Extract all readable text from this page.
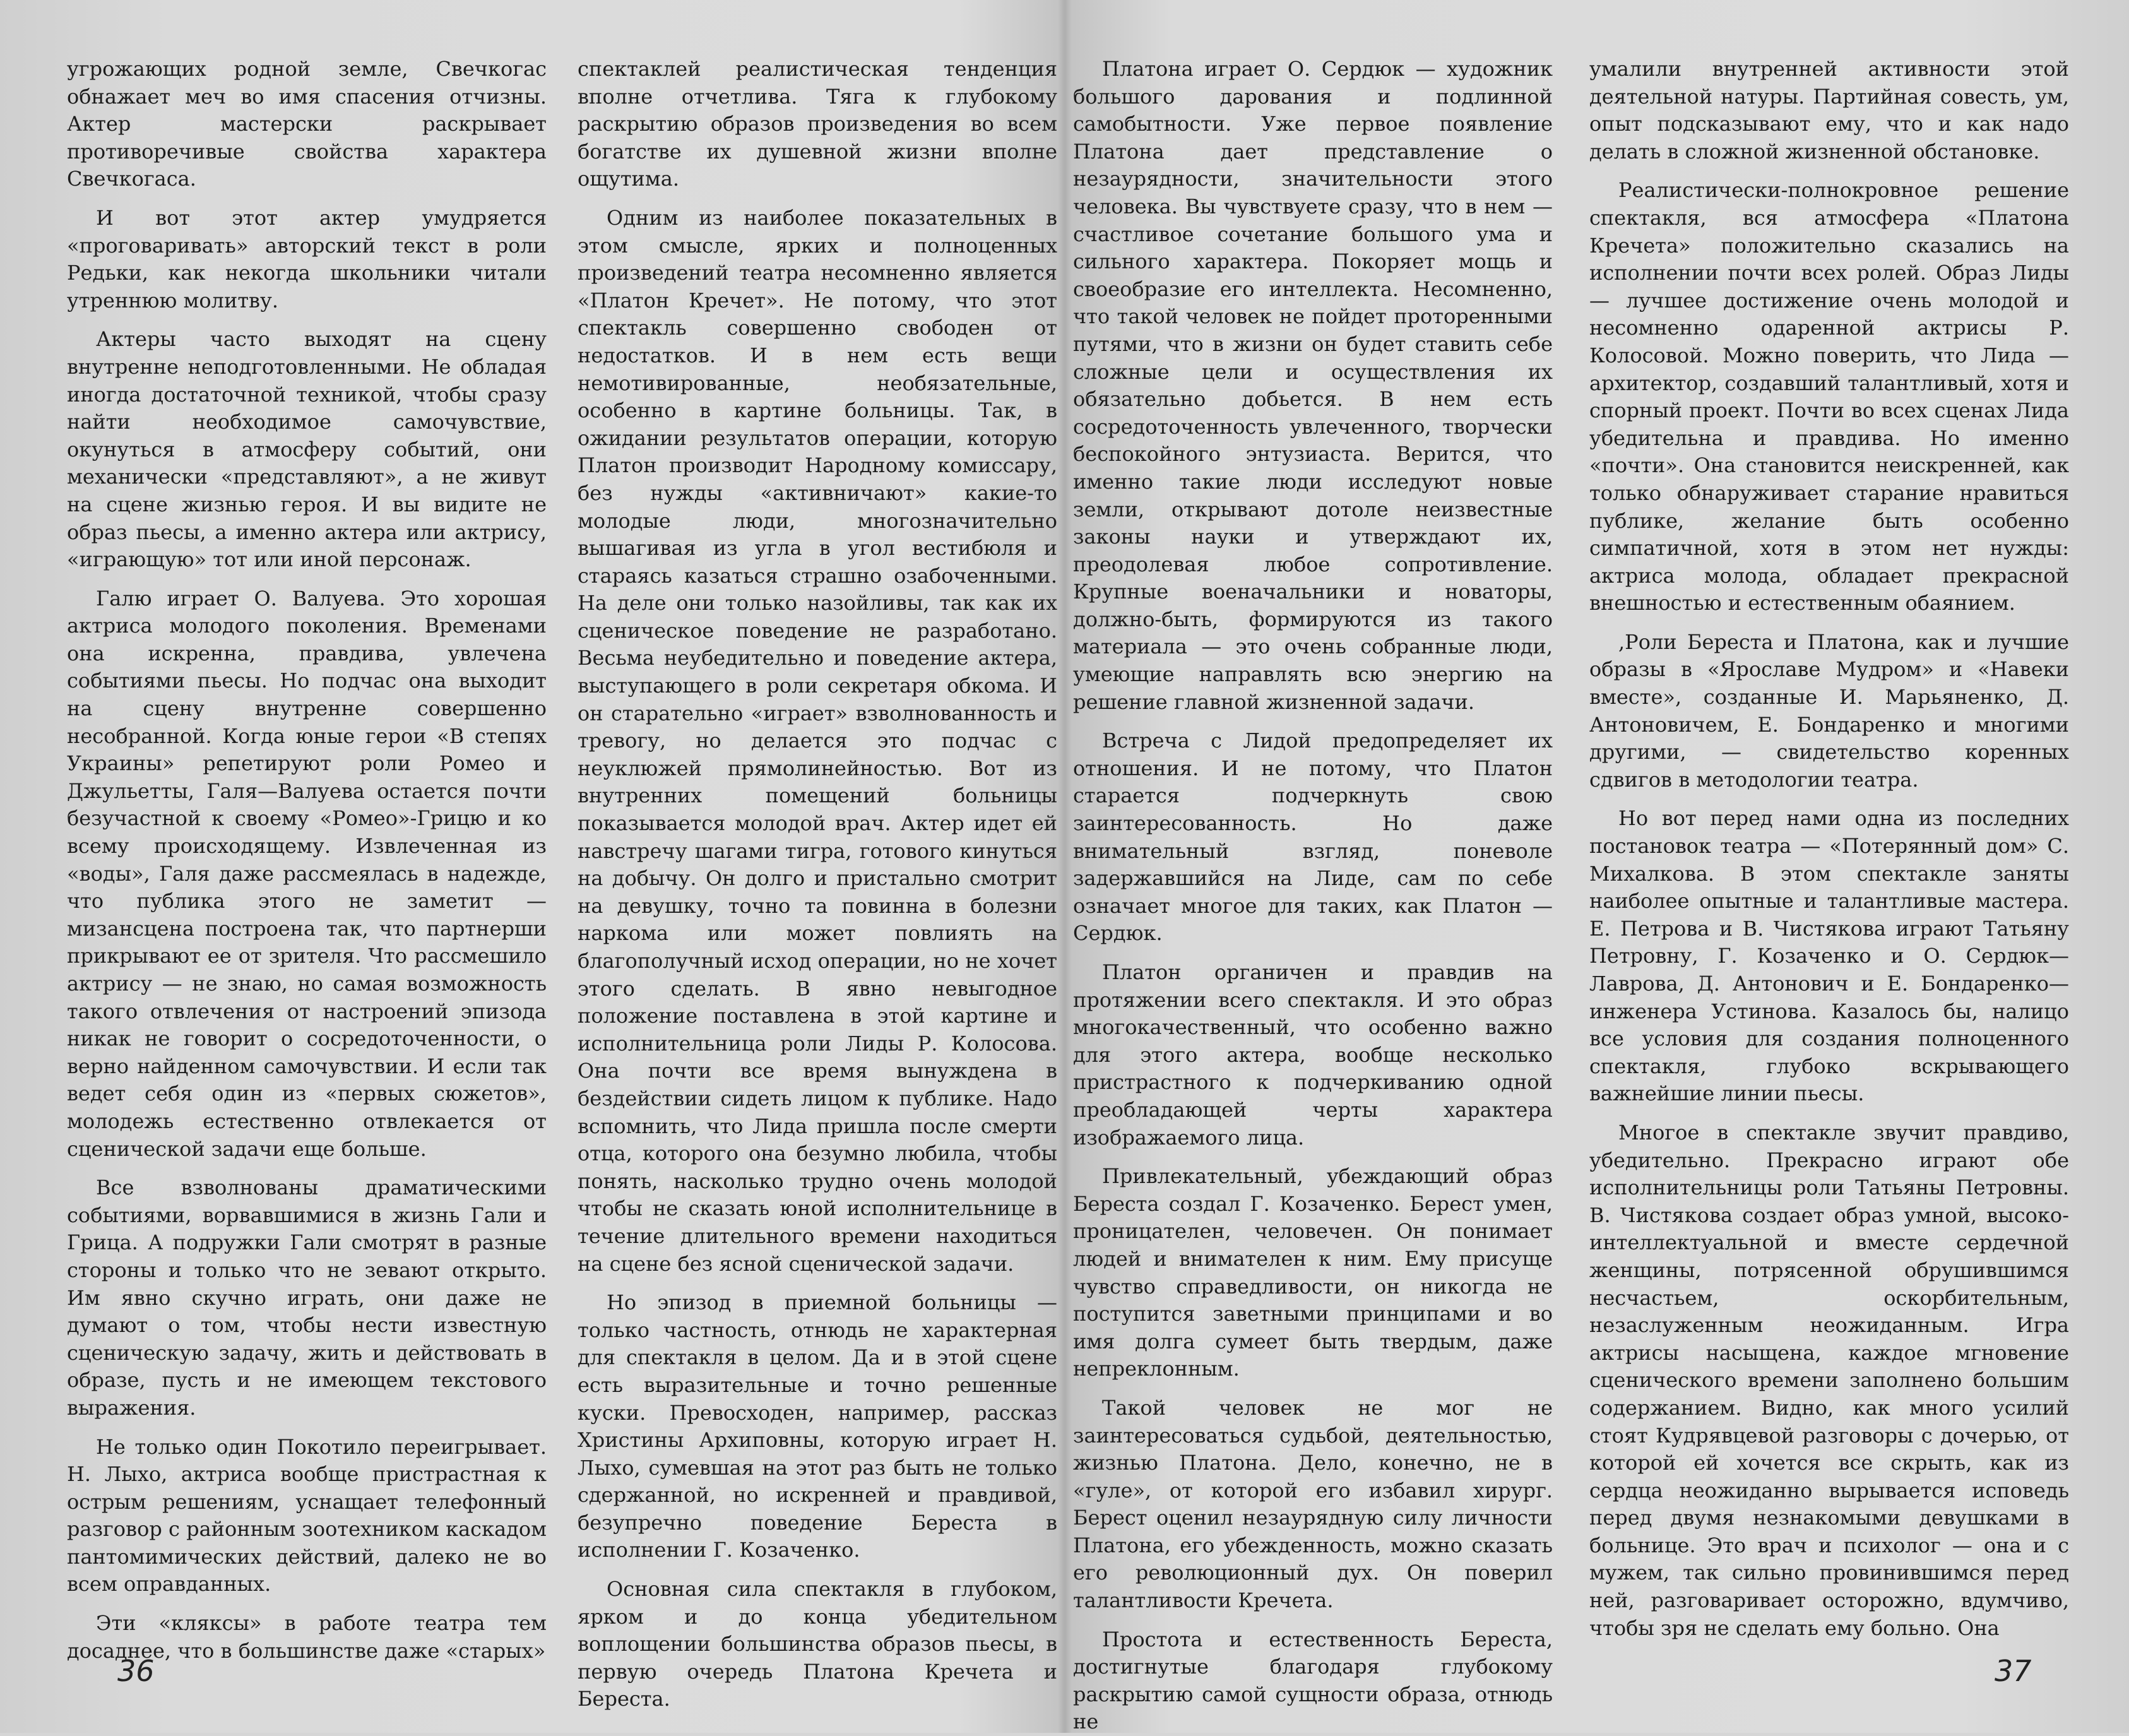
угрожающих родной земле, Свечкогас обнажает меч во имя спасения отчизны. Актер мастерски раскрывает противоречивые свойства характера Свечкогаса.

И вот этот актер умудряется «проговаривать» авторский текст в роли Редьки, как некогда школьники читали утреннюю молитву.

Актеры часто выходят на сцену внутренне неподготовленными. Не обладая иногда достаточной техникой, чтобы сразу найти необходимое самочувствие, окунуться в атмосферу событий, они механически «представляют», а не живут на сцене жизнью героя. И вы видите не образ пьесы, а именно актера или актрису, «играющую» тот или иной персонаж.

Галю играет О. Валуева. Это хорошая актриса молодого поколения. Временами она искренна, правдива, увлечена событиями пьесы. Но подчас она выходит на сцену внутренне совершенно несобранной. Когда юные герои «В степях Украины» репетируют роли Ромео и Джульетты, Галя—Валуева остается почти безучастной к своему «Ромео»-Грицю и ко всему происходящему. Извлеченная из «воды», Галя даже рассмеялась в надежде, что публика этого не заметит — мизансцена построена так, что партнерши прикрывают ее от зрителя. Что рассмешило актрису — не знаю, но самая возможность такого отвлечения от настроений эпизода никак не говорит о сосредоточенности, о верно найденном самочувствии. И если так ведет себя один из «первых сюжетов», молодежь естественно отвлекается от сценической задачи еще больше.

Все взволнованы драматическими событиями, ворвавшимися в жизнь Гали и Грица. А подружки Гали смотрят в разные стороны и только что не зевают открыто. Им явно скучно играть, они даже не думают о том, чтобы нести известную сценическую задачу, жить и действовать в образе, пусть и не имеющем текстового выражения.

Не только один Покотило переигрывает. Н. Лыхо, актриса вообще пристрастная к острым решениям, уснащает телефонный разговор с районным зоотехником каскадом пантомимических действий, далеко не во всем оправданных.

Эти «кляксы» в работе театра тем досаднее, что в большинстве даже «старых»

спектаклей реалистическая тенденция вполне отчетлива. Тяга к глубокому раскрытию образов произведения во всем богатстве их душевной жизни вполне ощутима.

Одним из наиболее показательных в этом смысле, ярких и полноценных произведений театра несомненно является «Платон Кречет». Не потому, что этот спектакль совершенно свободен от недостатков. И в нем есть вещи немотивированные, необязательные, особенно в картине больницы. Так, в ожидании результатов операции, которую Платон производит Народному комиссару, без нужды «активничают» какие-то молодые люди, многозначительно вышагивая из угла в угол вестибюля и стараясь казаться страшно озабоченными. На деле они только назойливы, так как их сценическое поведение не разработано. Весьма неубедительно и поведение актера, выступающего в роли секретаря обкома. И он старательно «играет» взволнованность и тревогу, но делается это подчас с неуклюжей прямолинейностью. Вот из внутренних помещений больницы показывается молодой врач. Актер идет ей навстречу шагами тигра, готового кинуться на добычу. Он долго и пристально смотрит на девушку, точно та повинна в болезни наркома или может повлиять на благополучный исход операции, но не хочет этого сделать. В явно невыгодное положение поставлена в этой картине и исполнительница роли Лиды Р. Колосова. Она почти все время вынуждена в бездействии сидеть лицом к публике. Надо вспомнить, что Лида пришла после смерти отца, которого она безумно любила, чтобы понять, насколько трудно очень молодой чтобы не сказать юной исполнительнице в течение длительного времени находиться на сцене без ясной сценической задачи.

Но эпизод в приемной больницы — только частность, отнюдь не характерная для спектакля в целом. Да и в этой сцене есть выразительные и точно решенные куски. Превосходен, например, рассказ Христины Архиповны, которую играет Н. Лыхо, сумевшая на этот раз быть не только сдержанной, но искренней и правдивой, безупречно поведение Береста в исполнении Г. Козаченко.

Основная сила спектакля в глубоком, ярком и до конца убедительном воплощении большинства образов пьесы, в первую очередь Платона Кречета и Береста.

Платона играет О. Сердюк — художник большого дарования и подлинной самобытности. Уже первое появление Платона дает представление о незаурядности, значительности этого человека. Вы чувствуете сразу, что в нем — счастливое сочетание большого ума и сильного характера. Покоряет мощь и своеобразие его интеллекта. Несомненно, что такой человек не пойдет проторенными путями, что в жизни он будет ставить себе сложные цели и осуществления их обязательно добьется. В нем есть сосредоточенность увлеченного, творчески беспокойного энтузиаста. Верится, что именно такие люди исследуют новые земли, открывают дотоле неизвестные законы науки и утверждают их, преодолевая любое сопротивление. Крупные военачальники и новаторы, должно-быть, формируются из такого материала — это очень собранные люди, умеющие направлять всю энергию на решение главной жизненной задачи.

Встреча с Лидой предопределяет их отношения. И не потому, что Платон старается подчеркнуть свою заинтересованность. Но даже внимательный взгляд, поневоле задержавшийся на Лиде, сам по себе означает многое для таких, как Платон — Сердюк.

Платон органичен и правдив на протяжении всего спектакля. И это образ многокачественный, что особенно важно для этого актера, вообще несколько пристрастного к подчеркиванию одной преобладающей черты характера изображаемого лица.

Привлекательный, убеждающий образ Береста создал Г. Козаченко. Берест умен, проницателен, человечен. Он понимает людей и внимателен к ним. Ему присуще чувство справедливости, он никогда не поступится заветными принципами и во имя долга сумеет быть твердым, даже непреклонным.

Такой человек не мог не заинтересоваться судьбой, деятельностью, жизнью Платона. Дело, конечно, не в «гуле», от которой его избавил хирург. Берест оценил незаурядную силу личности Платона, его убежденность, можно сказать его революционный дух. Он поверил талантливости Кречета.

Простота и естественность Береста, достигнутые благодаря глубокому раскрытию самой сущности образа, отнюдь не

умалили внутренней активности этой деятельной натуры. Партийная совесть, ум, опыт подсказывают ему, что и как надо делать в сложной жизненной обстановке.

Реалистически-полнокровное решение спектакля, вся атмосфера «Платона Кречета» положительно сказались на исполнении почти всех ролей. Образ Лиды — лучшее достижение очень молодой и несомненно одаренной актрисы Р. Колосовой. Можно поверить, что Лида — архитектор, создавший талантливый, хотя и спорный проект. Почти во всех сценах Лида убедительна и правдива. Но именно «почти». Она становится неискренней, как только обнаруживает старание нравиться публике, желание быть особенно симпатичной, хотя в этом нет нужды: актриса молода, обладает прекрасной внешностью и естественным обаянием.

,Роли Береста и Платона, как и лучшие образы в «Ярославе Мудром» и «Навеки вместе», созданные И. Марьяненко, Д. Антоновичем, Е. Бондаренко и многими другими, — свидетельство коренных сдвигов в методологии театра.

Но вот перед нами одна из последних постановок театра — «Потерянный дом» С. Михалкова. В этом спектакле заняты наиболее опытные и талантливые мастера. Е. Петрова и В. Чистякова играют Татьяну Петровну, Г. Козаченко и О. Сердюк—Лаврова, Д. Антонович и Е. Бондаренко—инженера Устинова. Казалось бы, налицо все условия для создания полноценного спектакля, глубоко вскрывающего важнейшие линии пьесы.

Многое в спектакле звучит правдиво, убедительно. Прекрасно играют обе исполнительницы роли Татьяны Петровны. В. Чистякова создает образ умной, высоко-интеллектуальной и вместе сердечной женщины, потрясенной обрушившимся несчастьем, оскорбительным, незаслуженным неожиданным. Игра актрисы насыщена, каждое мгновение сценического времени заполнено большим содержанием. Видно, как много усилий стоят Кудрявцевой разговоры с дочерью, от которой ей хочется все скрыть, как из сердца неожиданно вырывается исповедь перед двумя незнакомыми девушками в больнице. Это врач и психолог — она и с мужем, так сильно провинившимся перед ней, разговаривает осторожно, вдумчиво, чтобы зря не сделать ему больно. Она

36	37
